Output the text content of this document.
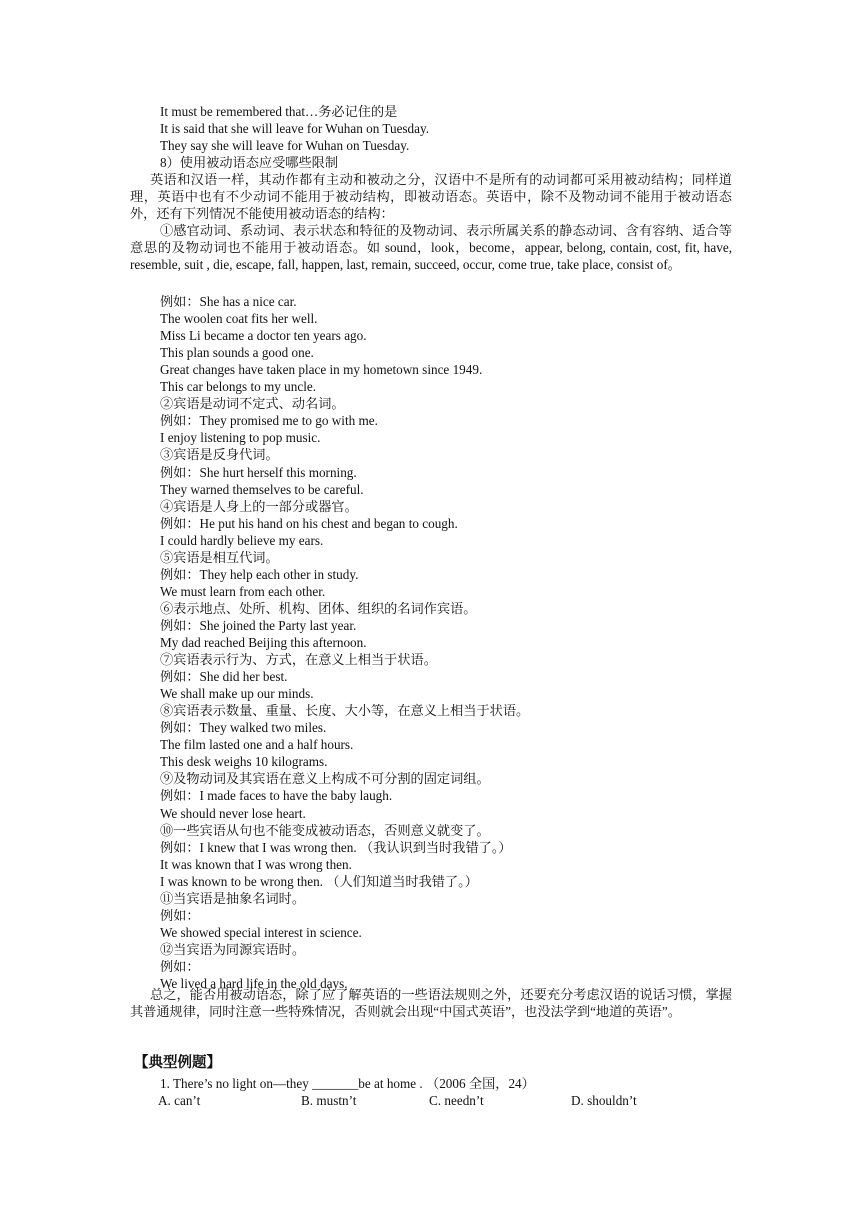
It must be remembered that…务必记住的是
It is said that she will leave for Wuhan on Tuesday.
They say she will leave for Wuhan on Tuesday.
8）使用被动语态应受哪些限制
英语和汉语一样，其动作都有主动和被动之分，汉语中不是所有的动词都可采用被动结构；同样道理，英语中也有不少动词不能用于被动结构，即被动语态。英语中，除不及物动词不能用于被动语态外，还有下列情况不能使用被动语态的结构：
①感官动词、系动词、表示状态和特征的及物动词、表示所属关系的静态动词、含有容纳、适合等意思的及物动词也不能用于被动语态。如 sound，look，become，appear, belong, contain, cost, fit, have, resemble, suit , die, escape, fall, happen, last, remain, succeed, occur, come true, take place, consist of。
例如：She has a nice car.
The woolen coat fits her well.
Miss Li became a doctor ten years ago.
This plan sounds a good one.
Great changes have taken place in my hometown since 1949.
This car belongs to my uncle.
②宾语是动词不定式、动名词。
例如：They promised me to go with me.
I enjoy listening to pop music.
③宾语是反身代词。
例如：She hurt herself this morning.
They warned themselves to be careful.
④宾语是人身上的一部分或器官。
例如：He put his hand on his chest and began to cough.
I could hardly believe my ears.
⑤宾语是相互代词。
例如：They help each other in study.
We must learn from each other.
⑥表示地点、处所、机构、团体、组织的名词作宾语。
例如：She joined the Party last year.
My dad reached Beijing this afternoon.
⑦宾语表示行为、方式，在意义上相当于状语。
例如：She did her best.
We shall make up our minds.
⑧宾语表示数量、重量、长度、大小等，在意义上相当于状语。
例如：They walked two miles.
The film lasted one and a half hours.
This desk weighs 10 kilograms.
⑨及物动词及其宾语在意义上构成不可分割的固定词组。
例如：I made faces to have the baby laugh.
We should never lose heart.
⑩一些宾语从句也不能变成被动语态，否则意义就变了。
例如：I knew that I was wrong then. （我认识到当时我错了。）
It was known that I was wrong then.
I was known to be wrong then. （人们知道当时我错了。）
⑪当宾语是抽象名词时。
例如：
We showed special interest in science.
⑫当宾语为同源宾语时。
例如：
We lived a hard life in the old days.
总之，能否用被动语态，除了应了解英语的一些语法规则之外，还要充分考虑汉语的说话习惯，掌握其普通规律，同时注意一些特殊情况，否则就会出现“中国式英语”，也没法学到“地道的英语”。
【典型例题】
1. There’s no light on—they _______be at home . （2006 全国，24）
A. can’t	B. mustn’t	C. needn’t	D. shouldn’t
